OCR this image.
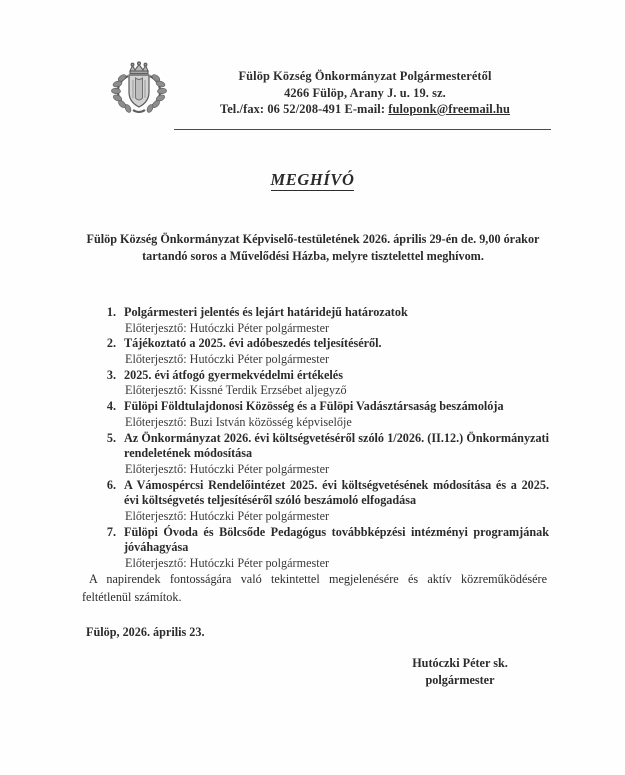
Fülöp Község Önkormányzat Polgármesterétől
4266 Fülöp, Arany J. u. 19. sz.
Tel./fax: 06 52/208-491 E-mail: fuloponk@freemail.hu
MEGHÍVÓ
Fülöp Község Önkormányzat Képviselő-testületének 2026. április 29-én de. 9,00 órakor
tartandó soros a Művelődési Házba, melyre tisztelettel meghívom.
1. Polgármesteri jelentés és lejárt határidejű határozatok
Előterjesztő: Hutóczki Péter polgármester
2. Tájékoztató a 2025. évi adóbeszedés teljesítéséről.
Előterjesztő: Hutóczki Péter polgármester
3. 2025. évi átfogó gyermekvédelmi értékelés
Előterjesztő: Kissné Terdik Erzsébet aljegyző
4. Fülöpi Földtulajdonosi Közösség és a Fülöpi Vadásztársaság beszámolója
Előterjesztő: Buzi István közösség képviselője
5. Az Önkormányzat 2026. évi költségvetéséről szóló 1/2026. (II.12.) Önkormányzati rendeletének módosítása
Előterjesztő: Hutóczki Péter polgármester
6. A Vámospércsi Rendelőintézet 2025. évi költségvetésének módosítása és a 2025. évi költségvetés teljesítéséről szóló beszámoló elfogadása
Előterjesztő: Hutóczki Péter polgármester
7. Fülöpi Óvoda és Bölcsőde Pedagógus továbbképzési intézményi programjának jóváhagyása
Előterjesztő: Hutóczki Péter polgármester
A napirendek fontosságára való tekintettel megjelenésére és aktív közreműködésére feltétlenül számítok.
Fülöp, 2026. április 23.
Hutóczki Péter sk.
polgármester
